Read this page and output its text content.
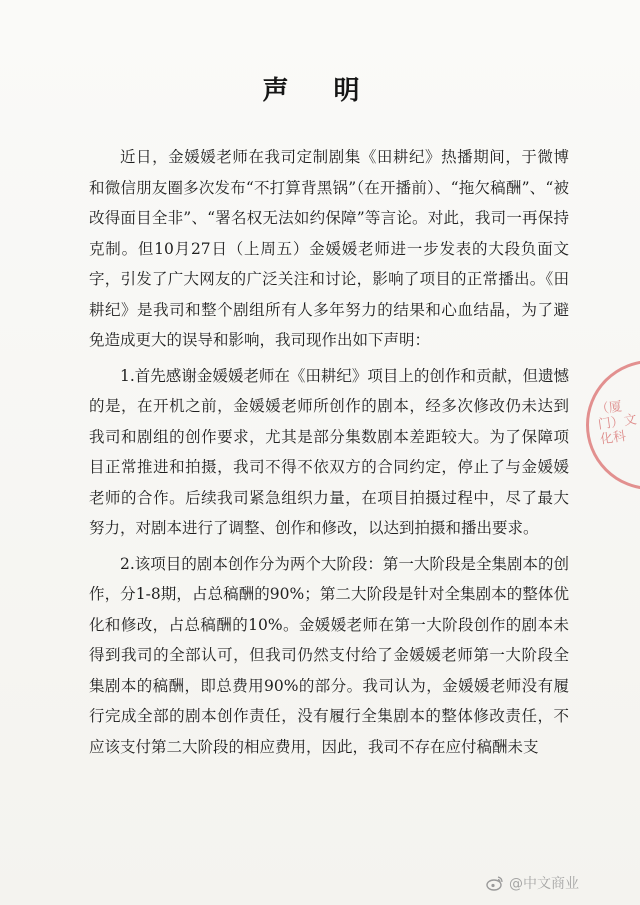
声 明

近日，金媛媛老师在我司定制剧集《田耕纪》热播期间，于微博和微信朋友圈多次发布“不打算背黑锅”（在开播前）、“拖欠稿酬”、“被改得面目全非”、“署名权无法如约保障”等言论。对此，我司一再保持克制。但10月27日（上周五）金媛媛老师进一步发表的大段负面文字，引发了广大网友的广泛关注和讨论，影响了项目的正常播出。《田耕纪》是我司和整个剧组所有人多年努力的结果和心血结晶，为了避免造成更大的误导和影响，我司现作出如下声明：

1.首先感谢金媛媛老师在《田耕纪》项目上的创作和贡献，但遗憾的是，在开机之前，金媛媛老师所创作的剧本，经多次修改仍未达到我司和剧组的创作要求，尤其是部分集数剧本差距较大。为了保障项目正常推进和拍摄，我司不得不依双方的合同约定，停止了与金媛媛老师的合作。后续我司紧急组织力量，在项目拍摄过程中，尽了最大努力，对剧本进行了调整、创作和修改，以达到拍摄和播出要求。

2.该项目的剧本创作分为两个大阶段：第一大阶段是全集剧本的创作，分1-8期，占总稿酬的90%；第二大阶段是针对全集剧本的整体优化和修改，占总稿酬的10%。金媛媛老师在第一大阶段创作的剧本未得到我司的全部认可，但我司仍然支付给了金媛媛老师第一大阶段全集剧本的稿酬，即总费用90%的部分。我司认为，金媛媛老师没有履行完成全部的剧本创作责任，没有履行全集剧本的整体修改责任，不应该支付第二大阶段的相应费用，因此，我司不存在应付稿酬未支

（厦门）文化科
@中文商业
